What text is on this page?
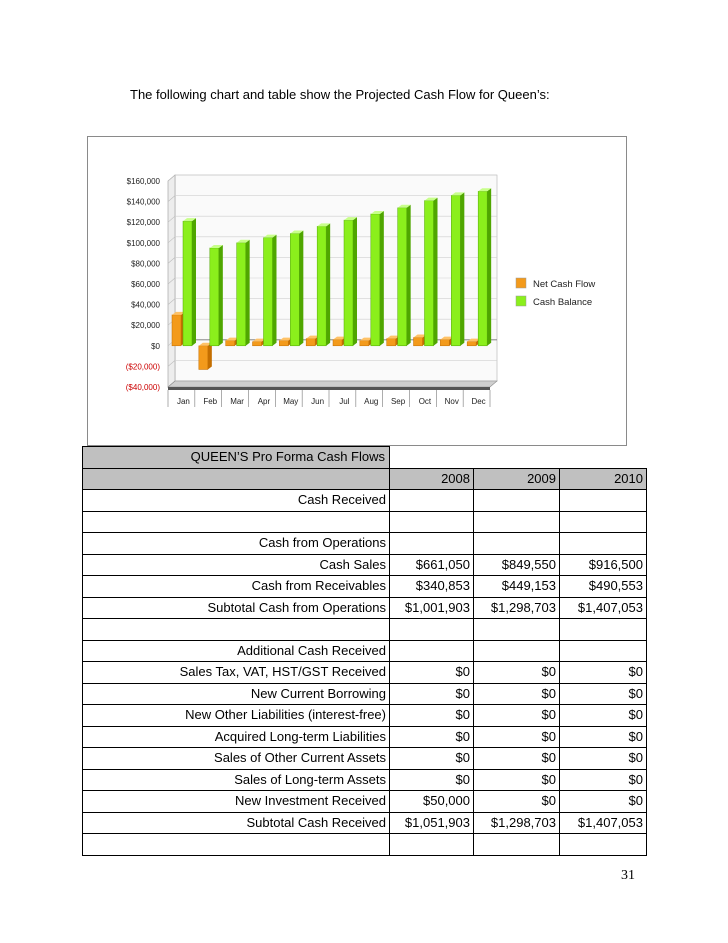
The following chart and table show the Projected Cash Flow for Queen’s:
$160,000
$140,000
$120,000
$100,000
$80,000
$60,000
$40,000
$20,000
$0
($20,000)
($40,000)
Jan Feb Mar Apr May Jun Jul Aug Sep Oct Nov Dec
Net Cash Flow
Cash Balance
QUEEN’S Pro Forma Cash Flows			
	2008	2009	2010
Cash Received			

Cash from Operations			
Cash Sales	$661,050	$849,550	$916,500
Cash from Receivables	$340,853	$449,153	$490,553
Subtotal Cash from Operations	$1,001,903	$1,298,703	$1,407,053

Additional Cash Received			
Sales Tax, VAT, HST/GST Received	$0	$0	$0
New Current Borrowing	$0	$0	$0
New Other Liabilities (interest-free)	$0	$0	$0
Acquired Long-term Liabilities	$0	$0	$0
Sales of Other Current Assets	$0	$0	$0
Sales of Long-term Assets	$0	$0	$0
New Investment Received	$50,000	$0	$0
Subtotal Cash Received	$1,051,903	$1,298,703	$1,407,053

31
